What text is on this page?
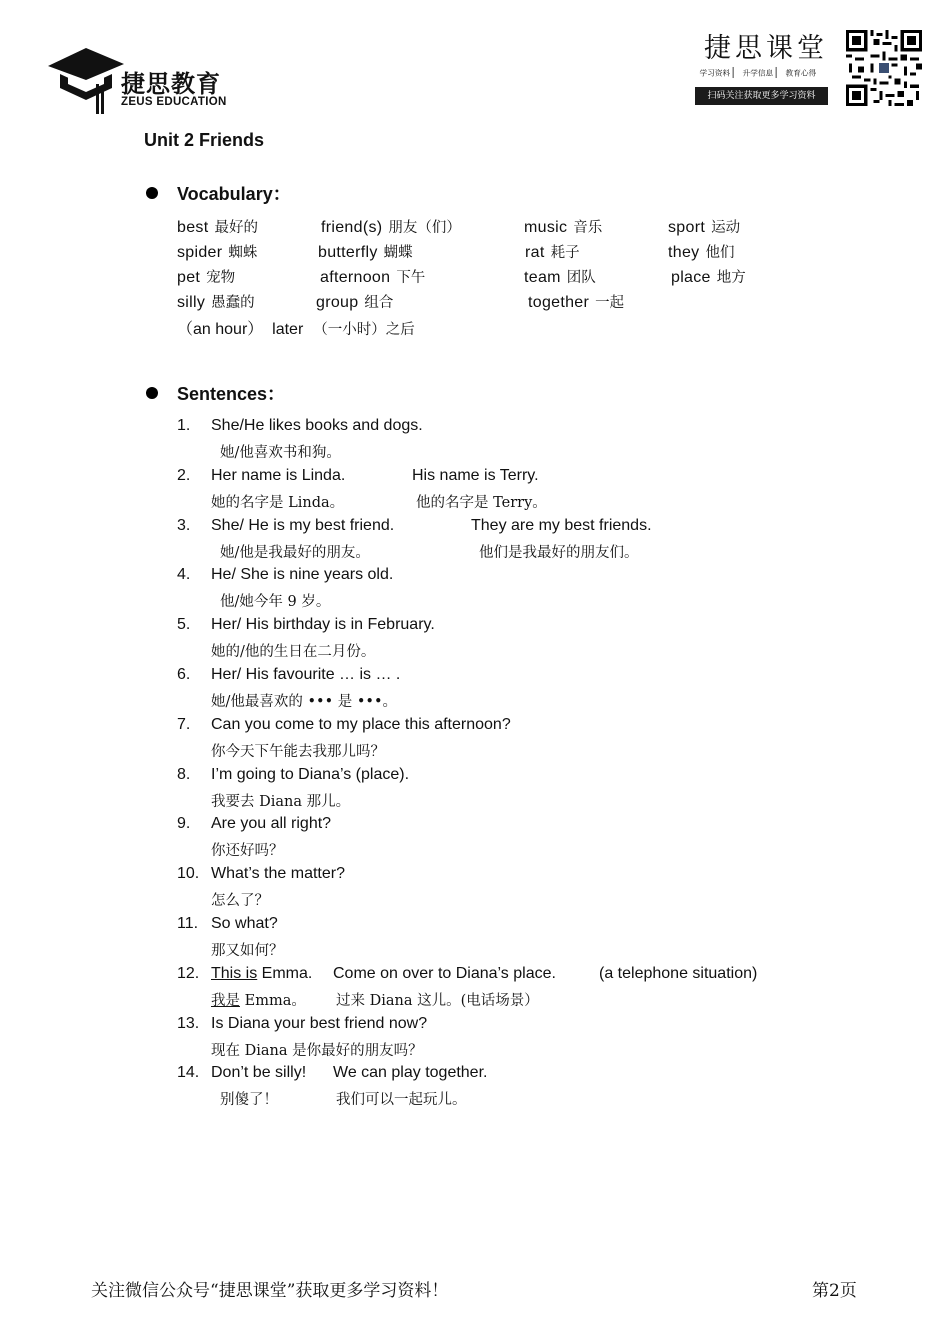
捷思教育
ZEUS EDUCATION
捷思课堂
学习资料	升学信息	教育心得
扫码关注获取更多学习资料
Unit 2 Friends
Vocabulary：
best 最好的	friend(s) 朋友（们）	music 音乐	sport 运动
spider 蜘蛛	butterfly 蝴蝶	rat 耗子	they 他们
pet 宠物	afternoon 下午	team 团队	place 地方
silly 愚蠢的	group 组合	together 一起
（an hour）  later （一小时）之后
Sentences：
1. She/He likes books and dogs.
她/他喜欢书和狗。
2. Her name is Linda.	His name is Terry.
她的名字是 Linda。	他的名字是 Terry。
3. She/ He is my best friend.	They are my best friends.
她/他是我最好的朋友。	他们是我最好的朋友们。
4. He/ She is nine years old.
他/她今年 9 岁。
5. Her/ His birthday is in February.
她的/他的生日在二月份。
6. Her/ His favourite … is … .
她/他最喜欢的 ••• 是 •••。
7. Can you come to my place this afternoon?
你今天下午能去我那儿吗？
8. I’m going to Diana’s (place).
我要去 Diana 那儿。
9. Are you all right?
你还好吗？
10. What’s the matter?
怎么了？
11. So what?
那又如何？
12. This is Emma. Come on over to Diana’s place.	(a telephone situation)
我是 Emma。 过来 Diana 这儿。(电话场景）
13. Is Diana your best friend now?
现在 Diana 是你最好的朋友吗？
14. Don’t be silly! We can play together.
别傻了！	我们可以一起玩儿。
关注微信公众号“捷思课堂”获取更多学习资料！	第2页
